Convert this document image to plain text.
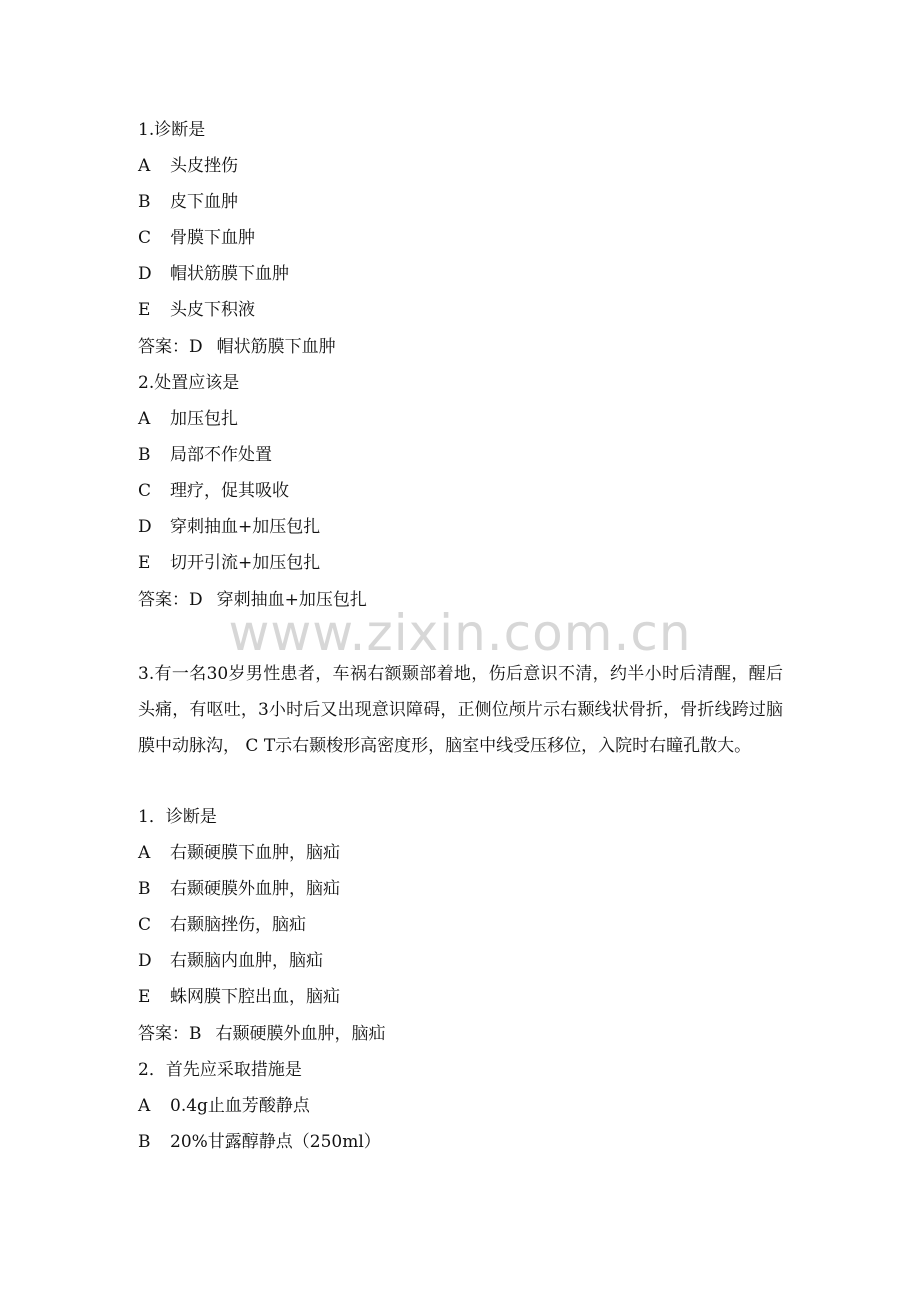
1.诊断是
A 头皮挫伤
B 皮下血肿
C 骨膜下血肿
D 帽状筋膜下血肿
E 头皮下积液
答案：D 帽状筋膜下血肿
2.处置应该是
A 加压包扎
B 局部不作处置
C 理疗，促其吸收
D 穿刺抽血+加压包扎
E 切开引流+加压包扎
答案：D 穿刺抽血+加压包扎
www.zixin.com.cn
3.有一名30岁男性患者，车祸右额颞部着地，伤后意识不清，约半小时后清醒，醒后头痛，有呕吐，3小时后又出现意识障碍，正侧位颅片示右颞线状骨折，骨折线跨过脑膜中动脉沟， C T示右颞梭形高密度形，脑室中线受压移位，入院时右瞳孔散大。
1．诊断是
A 右颞硬膜下血肿，脑疝
B 右颞硬膜外血肿，脑疝
C 右颞脑挫伤，脑疝
D 右颞脑内血肿，脑疝
E 蛛网膜下腔出血，脑疝
答案：B 右颞硬膜外血肿，脑疝
2．首先应采取措施是
A 0.4g止血芳酸静点
B 20%甘露醇静点（250ml）
